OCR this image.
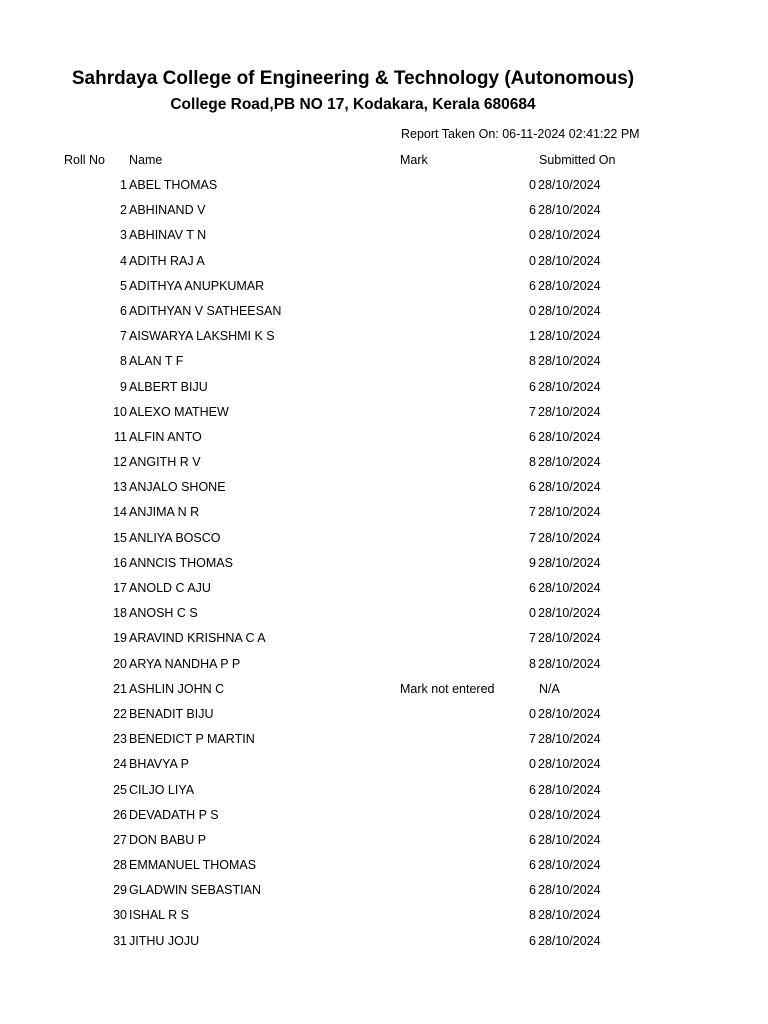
Sahrdaya College of Engineering & Technology (Autonomous)
College Road,PB NO 17, Kodakara, Kerala 680684
Report Taken On: 06-11-2024 02:41:22 PM
Roll No Name	Mark	Submitted On
1 ABEL THOMAS	0 28/10/2024
2 ABHINAND V	6 28/10/2024
3 ABHINAV T N	0 28/10/2024
4 ADITH RAJ A	0 28/10/2024
5 ADITHYA ANUPKUMAR	6 28/10/2024
6 ADITHYAN V SATHEESAN	0 28/10/2024
7 AISWARYA LAKSHMI K S	1 28/10/2024
8 ALAN T F	8 28/10/2024
9 ALBERT BIJU	6 28/10/2024
10 ALEXO MATHEW	7 28/10/2024
11 ALFIN ANTO	6 28/10/2024
12 ANGITH R V	8 28/10/2024
13 ANJALO SHONE	6 28/10/2024
14 ANJIMA N R	7 28/10/2024
15 ANLIYA BOSCO	7 28/10/2024
16 ANNCIS THOMAS	9 28/10/2024
17 ANOLD C AJU	6 28/10/2024
18 ANOSH C S	0 28/10/2024
19 ARAVIND KRISHNA C A	7 28/10/2024
20 ARYA NANDHA P P	8 28/10/2024
21 ASHLIN JOHN C	Mark not entered	N/A
22 BENADIT BIJU	0 28/10/2024
23 BENEDICT P MARTIN	7 28/10/2024
24 BHAVYA P	0 28/10/2024
25 CILJO LIYA	6 28/10/2024
26 DEVADATH P S	0 28/10/2024
27 DON BABU P	6 28/10/2024
28 EMMANUEL THOMAS	6 28/10/2024
29 GLADWIN SEBASTIAN	6 28/10/2024
30 ISHAL R S	8 28/10/2024
31 JITHU JOJU	6 28/10/2024
